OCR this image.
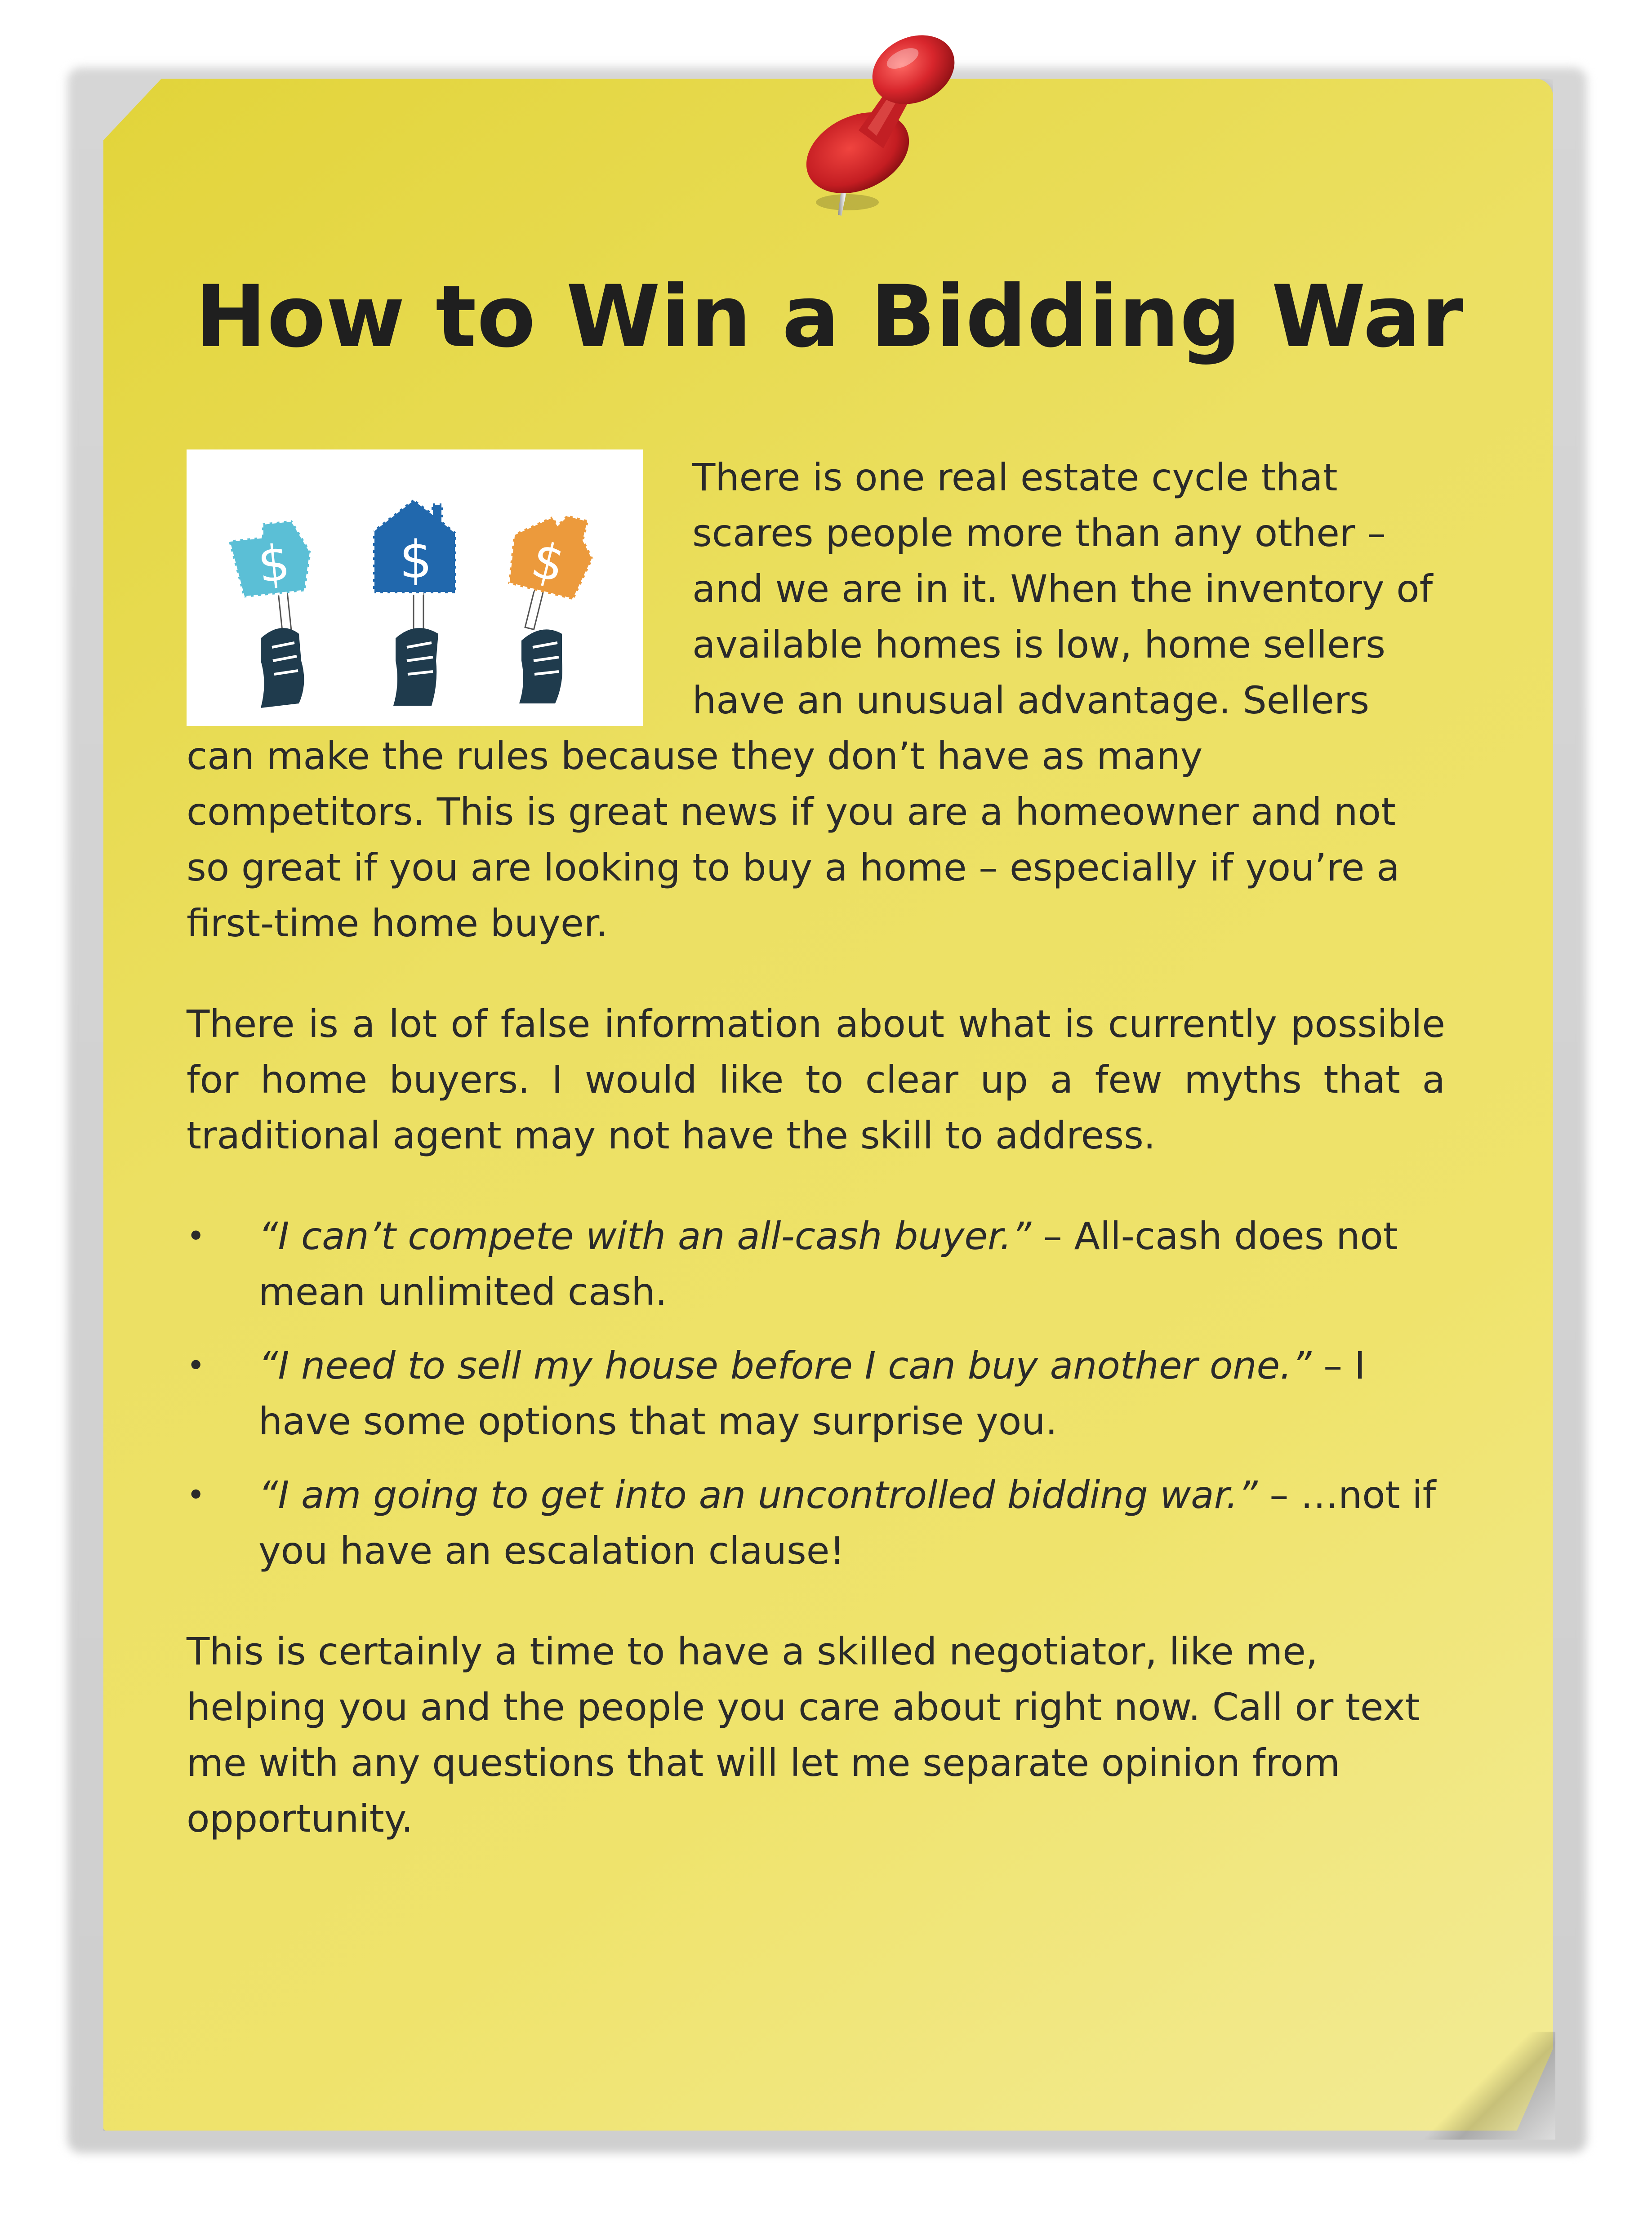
How to Win a Bidding War
$ $ $

There is one real estate cycle that scares people more than any other – and we are in it. When the inventory of available homes is low, home sellers have an unusual advantage. Sellers can make the rules because they don’t have as many competitors. This is great news if you are a homeowner and not so great if you are looking to buy a home – especially if you’re a first-time home buyer.

There is a lot of false information about what is currently possible for home buyers. I would like to clear up a few myths that a traditional agent may not have the skill to address.

• “I can’t compete with an all-cash buyer.” – All-cash does not mean unlimited cash.
• “I need to sell my house before I can buy another one.” – I have some options that may surprise you.
• “I am going to get into an uncontrolled bidding war.” – …not if you have an escalation clause!

This is certainly a time to have a skilled negotiator, like me, helping you and the people you care about right now. Call or text me with any questions that will let me separate opinion from opportunity.
